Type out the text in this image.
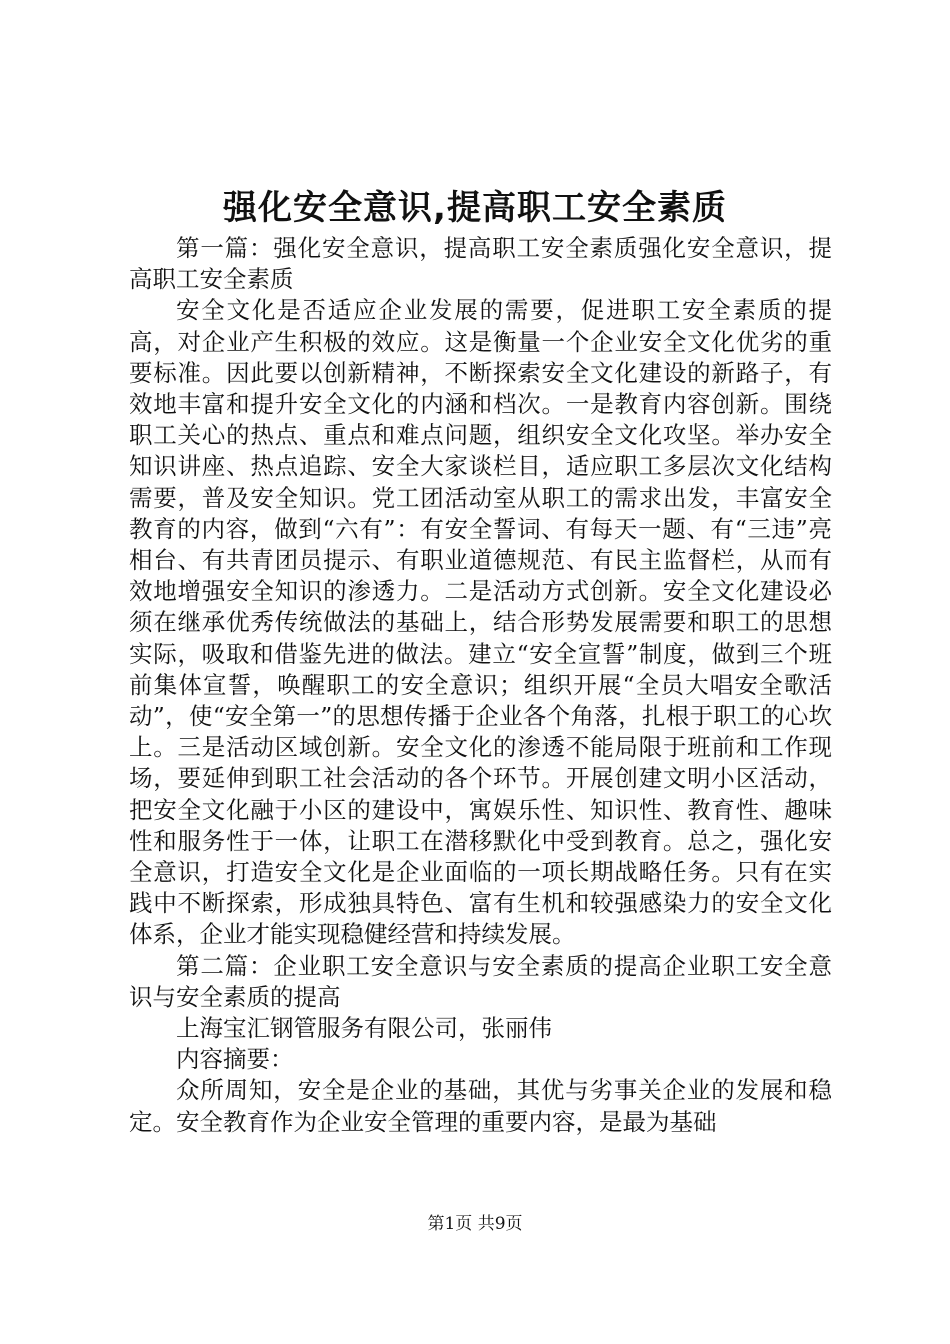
强化安全意识,提高职工安全素质

第一篇：强化安全意识，提高职工安全素质强化安全意识，提高职工安全素质

安全文化是否适应企业发展的需要，促进职工安全素质的提高，对企业产生积极的效应。这是衡量一个企业安全文化优劣的重要标准。因此要以创新精神，不断探索安全文化建设的新路子，有效地丰富和提升安全文化的内涵和档次。一是教育内容创新。围绕职工关心的热点、重点和难点问题，组织安全文化攻坚。举办安全知识讲座、热点追踪、安全大家谈栏目，适应职工多层次文化结构需要，普及安全知识。党工团活动室从职工的需求出发，丰富安全教育的内容，做到“六有”：有安全誓词、有每天一题、有“三违”亮相台、有共青团员提示、有职业道德规范、有民主监督栏，从而有效地增强安全知识的渗透力。二是活动方式创新。安全文化建设必须在继承优秀传统做法的基础上，结合形势发展需要和职工的思想实际，吸取和借鉴先进的做法。建立“安全宣誓”制度，做到三个班前集体宣誓，唤醒职工的安全意识；组织开展“全员大唱安全歌活动”，使“安全第一”的思想传播于企业各个角落，扎根于职工的心坎上。三是活动区域创新。安全文化的渗透不能局限于班前和工作现场，要延伸到职工社会活动的各个环节。开展创建文明小区活动，把安全文化融于小区的建设中，寓娱乐性、知识性、教育性、趣味性和服务性于一体，让职工在潜移默化中受到教育。总之，强化安全意识，打造安全文化是企业面临的一项长期战略任务。只有在实践中不断探索，形成独具特色、富有生机和较强感染力的安全文化体系，企业才能实现稳健经营和持续发展。

第二篇：企业职工安全意识与安全素质的提高企业职工安全意识与安全素质的提高

上海宝汇钢管服务有限公司，张丽伟

内容摘要：

众所周知，安全是企业的基础，其优与劣事关企业的发展和稳定。安全教育作为企业安全管理的重要内容，是最为基础

第1页 共9页
